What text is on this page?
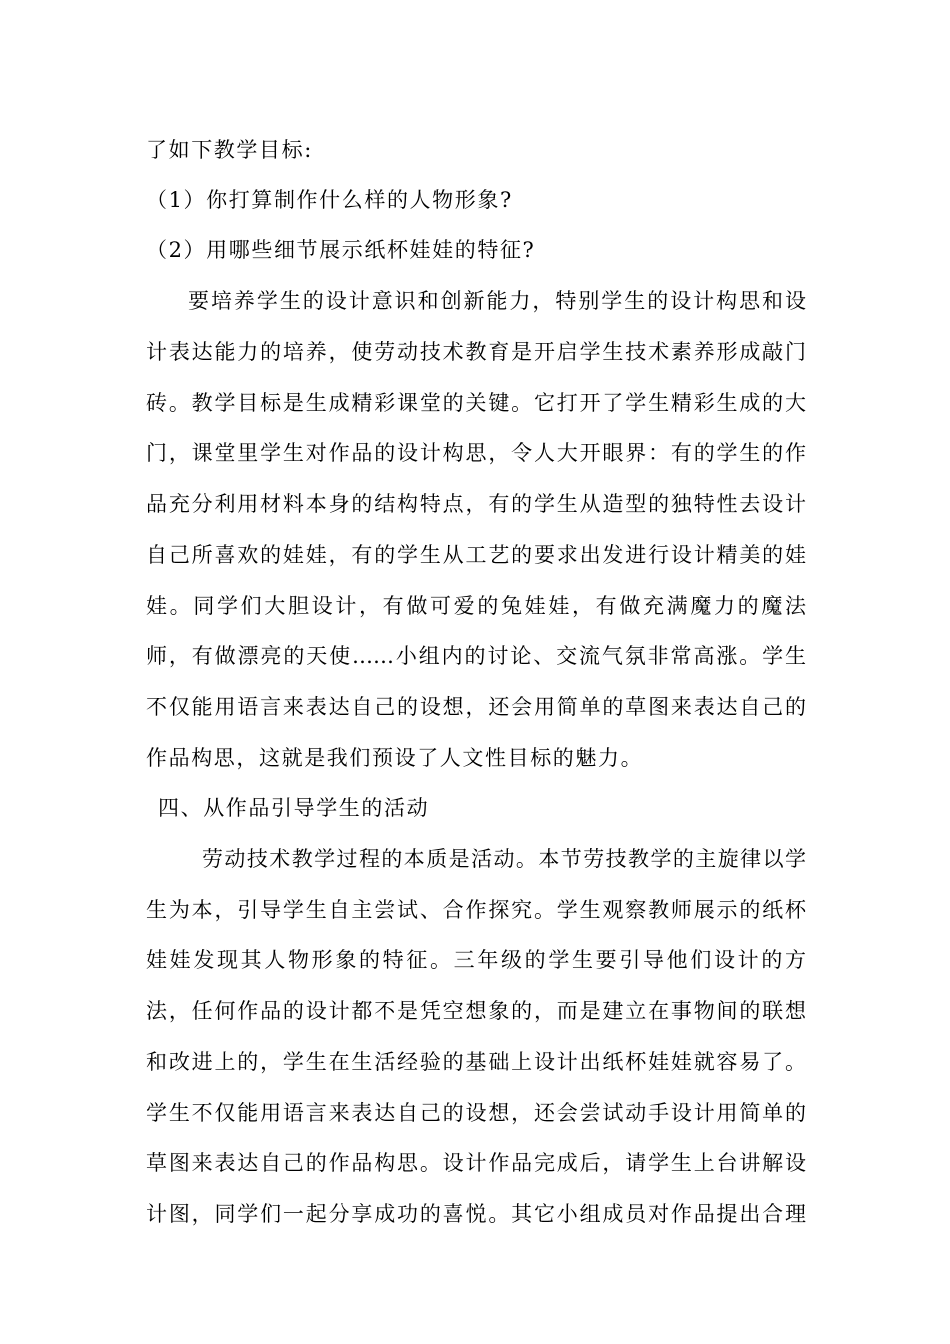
了如下教学目标:
（1）你打算制作什么样的人物形象?
（2）用哪些细节展示纸杯娃娃的特征?
要培养学生的设计意识和创新能力，特别学生的设计构思和设
计表达能力的培养，使劳动技术教育是开启学生技术素养形成敲门
砖。教学目标是生成精彩课堂的关键。它打开了学生精彩生成的大
门，课堂里学生对作品的设计构思，令人大开眼界：有的学生的作
品充分利用材料本身的结构特点，有的学生从造型的独特性去设计
自己所喜欢的娃娃，有的学生从工艺的要求出发进行设计精美的娃
娃。同学们大胆设计，有做可爱的兔娃娃，有做充满魔力的魔法
师，有做漂亮的天使……小组内的讨论、交流气氛非常高涨。学生
不仅能用语言来表达自己的设想，还会用简单的草图来表达自己的
作品构思，这就是我们预设了人文性目标的魅力。
四、从作品引导学生的活动
劳动技术教学过程的本质是活动。本节劳技教学的主旋律以学
生为本，引导学生自主尝试、合作探究。学生观察教师展示的纸杯
娃娃发现其人物形象的特征。三年级的学生要引导他们设计的方
法，任何作品的设计都不是凭空想象的，而是建立在事物间的联想
和改进上的，学生在生活经验的基础上设计出纸杯娃娃就容易了。
学生不仅能用语言来表达自己的设想，还会尝试动手设计用简单的
草图来表达自己的作品构思。设计作品完成后，请学生上台讲解设
计图，同学们一起分享成功的喜悦。其它小组成员对作品提出合理
